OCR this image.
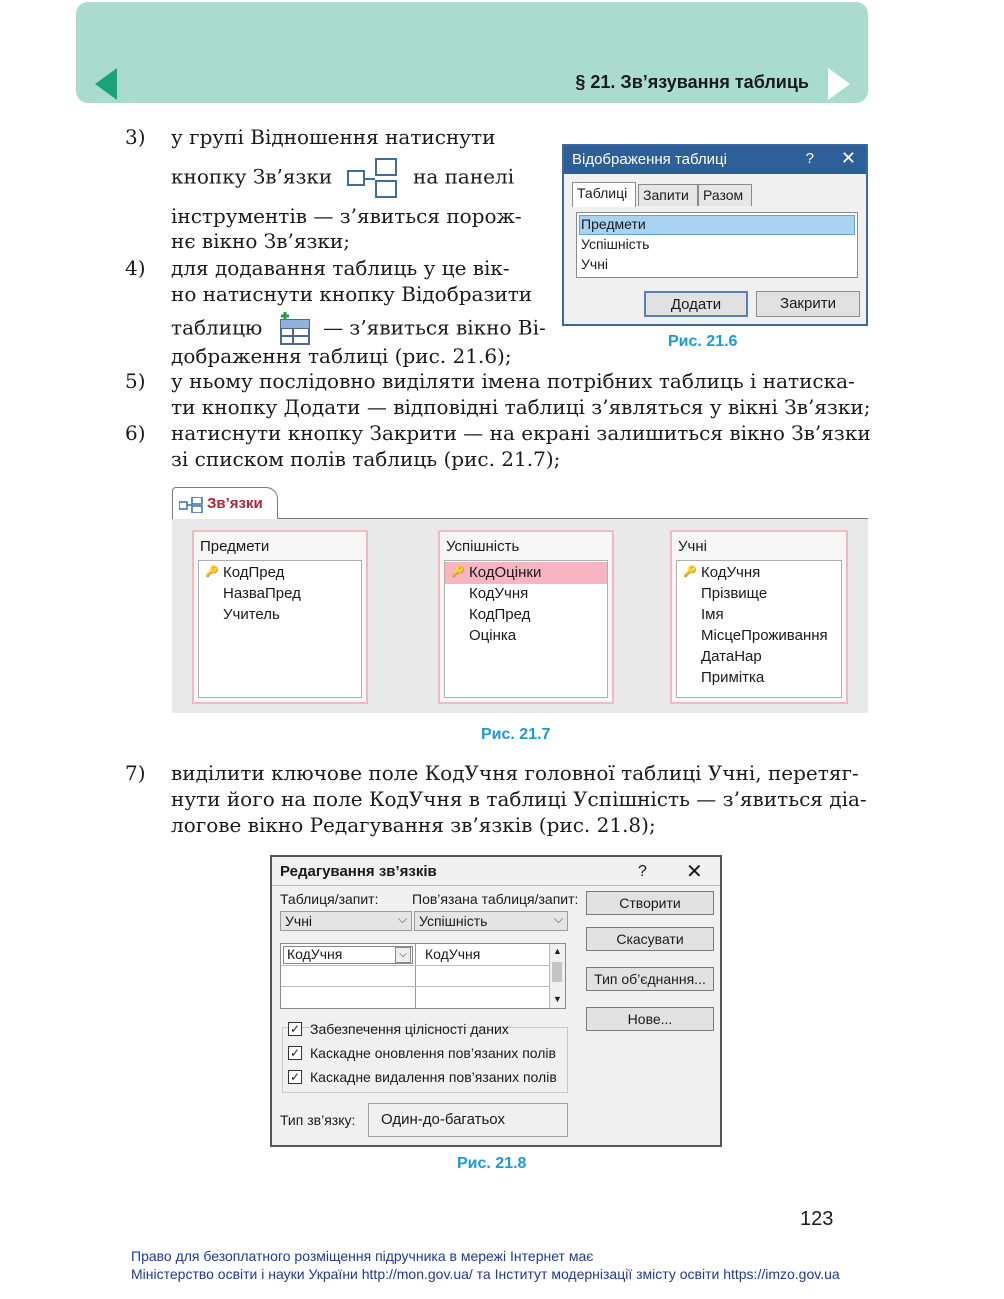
§ 21. Зв’язування таблиць
3) у групі Відношення натиснути
кнопку Зв’язки	на панелі
інструментів — з’явиться порож-
нє вікно Зв’язки;
4) для додавання таблиць у це вік-
но натиснути кнопку Відобразити
таблицю	— з’явиться вікно Ві-
дображення таблиці (рис. 21.6);
Відображення таблиці	? ✕
Таблиці	Запити	Разом
Предмети
Успішність
Учні
Додати	Закрити
Рис. 21.6
5) у ньому послідовно виділяти імена потрібних таблиць і натиска-
ти кнопку Додати — відповідні таблиці з’являться у вікні Зв’язки;
6) натиснути кнопку Закрити — на екрані залишиться вікно Зв’язки
зі списком полів таблиць (рис. 21.7);
Зв’язки
Предмети
🔑 КодПред
НазваПред
Учитель
Успішність
🔑 КодОцінки
КодУчня
КодПред
Оцінка
Учні
🔑 КодУчня
Прізвище
Імя
МісцеПроживання
ДатаНар
Примітка
Рис. 21.7
7) виділити ключове поле КодУчня головної таблиці Учні, перетяг-
нути його на поле КодУчня в таблиці Успішність — з’явиться діа-
логове вікно Редагування зв’язків (рис. 21.8);
Редагування зв’язків	? ✕
Таблиця/запит: Пов’язана таблиця/запит:
Учні	⌵ Успішність	⌵
КодУчня	⌵	КодУчня	▲
▼
✓ Забезпечення цілісності даних
✓ Каскадне оновлення пов’язаних полів
✓ Каскадне видалення пов’язаних полів
Тип зв’язку:	Один-до-багатьох
Створити
Скасувати
Тип об’єднання...
Нове...
Рис. 21.8
123
Право для безоплатного розміщення підручника в мережі Інтернет має
Міністерство освіти і науки України http://mon.gov.ua/ та Інститут модернізації змісту освіти https://imzo.gov.ua
